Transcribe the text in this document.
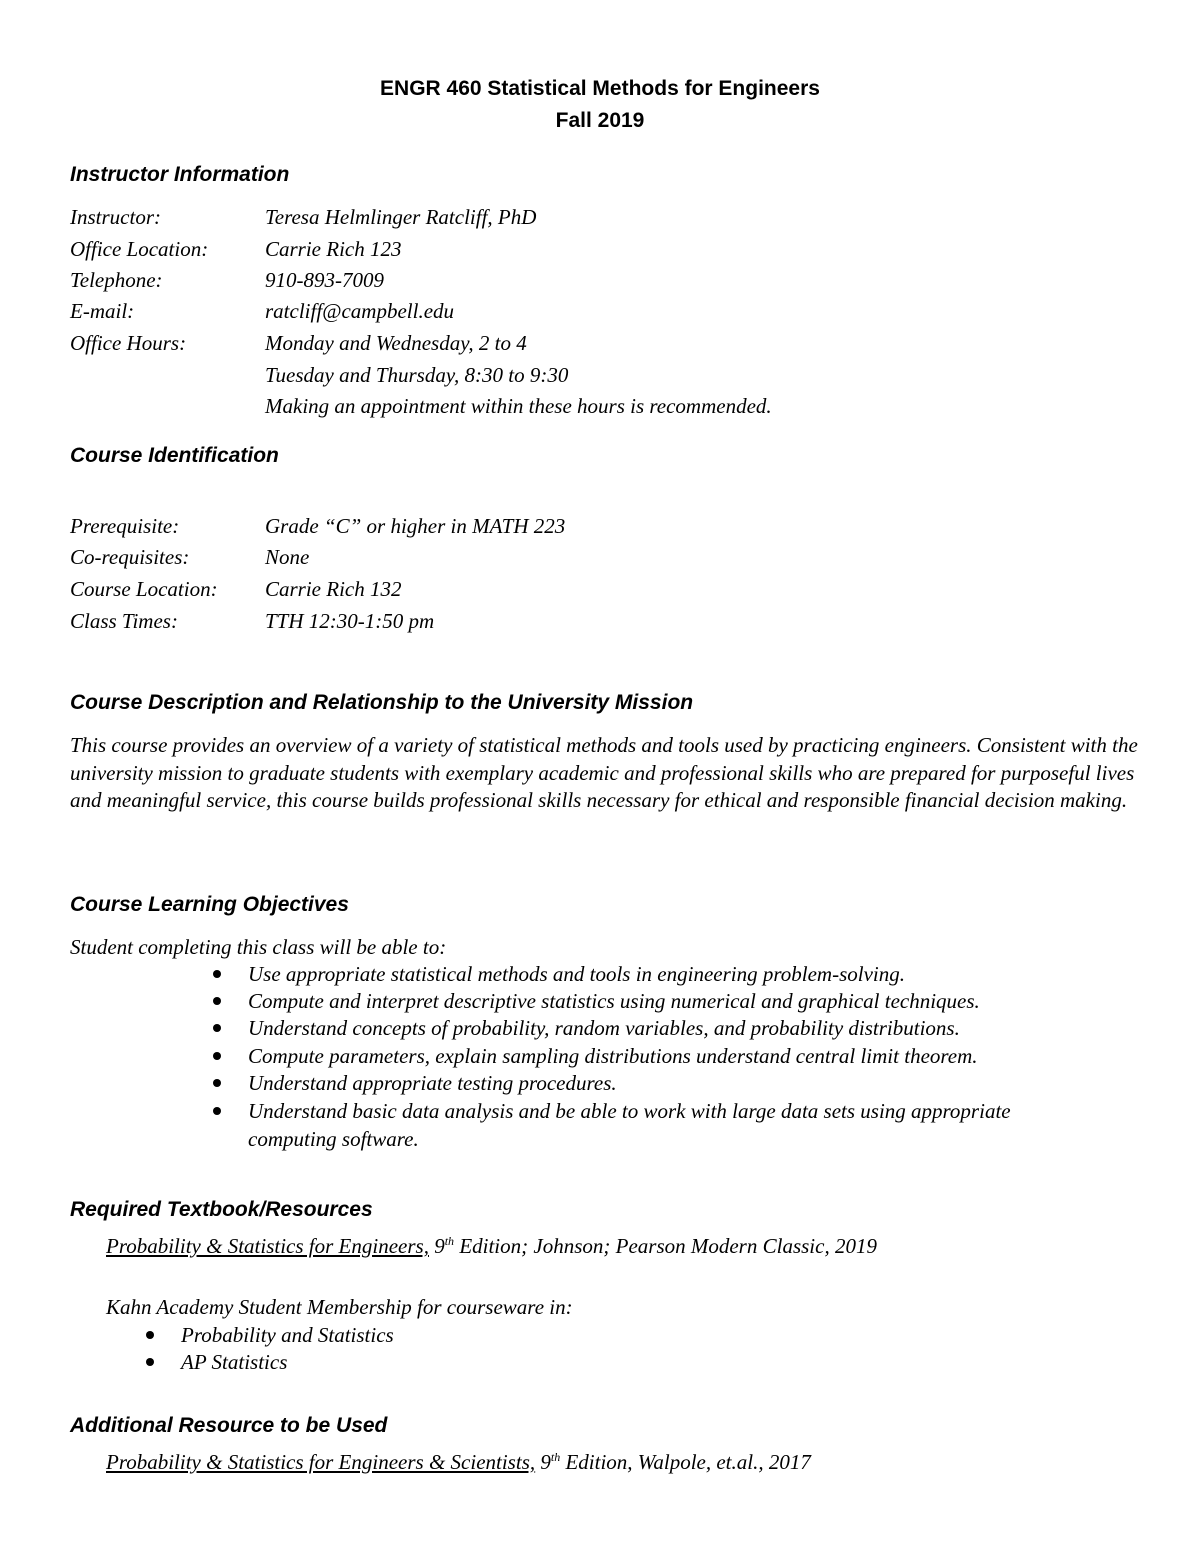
ENGR 460 Statistical Methods for Engineers
Fall 2019
Instructor Information
Instructor:	Teresa Helmlinger Ratcliff, PhD
Office Location:	Carrie Rich 123
Telephone:	910-893-7009
E-mail:	ratcliff@campbell.edu
Office Hours:	Monday and Wednesday, 2 to 4
Tuesday and Thursday, 8:30 to 9:30
Making an appointment within these hours is recommended.
Course Identification
Prerequisite:	Grade “C” or higher in MATH 223
Co-requisites:	None
Course Location: Carrie Rich 132
Class Times:	TTH 12:30-1:50 pm
Course Description and Relationship to the University Mission
This course provides an overview of a variety of statistical methods and tools used by practicing engineers. Consistent with the university mission to graduate students with exemplary academic and professional skills who are prepared for purposeful lives and meaningful service, this course builds professional skills necessary for ethical and responsible financial decision making.
Course Learning Objectives
Student completing this class will be able to:
Use appropriate statistical methods and tools in engineering problem-solving.
Compute and interpret descriptive statistics using numerical and graphical techniques.
Understand concepts of probability, random variables, and probability distributions.
Compute parameters, explain sampling distributions understand central limit theorem.
Understand appropriate testing procedures.
Understand basic data analysis and be able to work with large data sets using appropriate
computing software.
Required Textbook/Resources
Probability & Statistics for Engineers, 9th Edition; Johnson; Pearson Modern Classic, 2019
Kahn Academy Student Membership for courseware in:
Probability and Statistics
AP Statistics
Additional Resource to be Used
Probability & Statistics for Engineers & Scientists, 9th Edition, Walpole, et.al., 2017
